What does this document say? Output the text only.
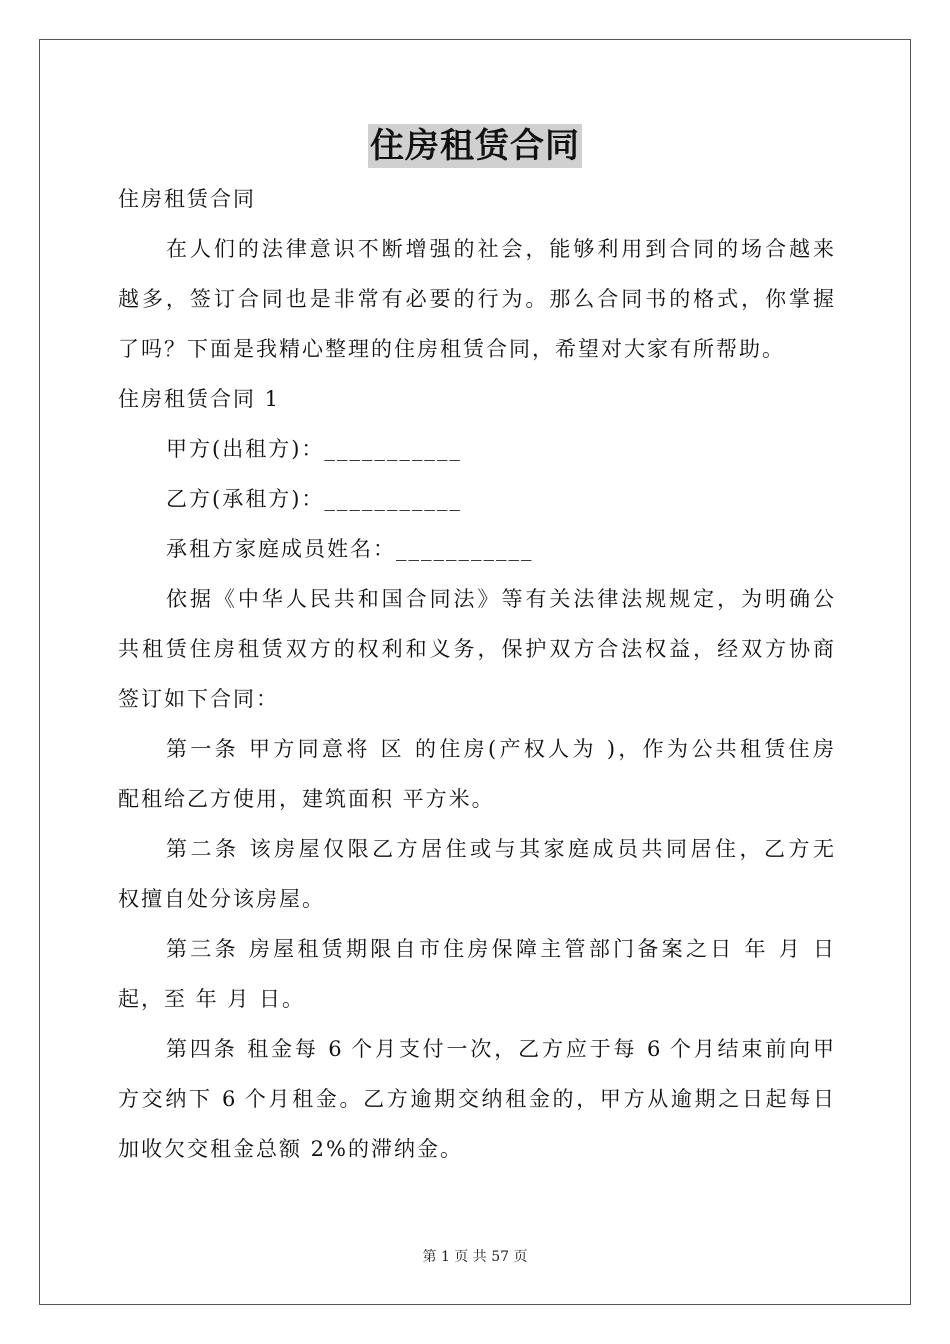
住房租赁合同
住房租赁合同
在人们的法律意识不断增强的社会，能够利用到合同的场合越来
越多，签订合同也是非常有必要的行为。那么合同书的格式，你掌握
了吗？下面是我精心整理的住房租赁合同，希望对大家有所帮助。
住房租赁合同 1
甲方(出租方)：___________
乙方(承租方)：___________
承租方家庭成员姓名：___________
依据《中华人民共和国合同法》等有关法律法规规定，为明确公
共租赁住房租赁双方的权利和义务，保护双方合法权益，经双方协商
签订如下合同：
第一条 甲方同意将 区 的住房(产权人为 )，作为公共租赁住房
配租给乙方使用，建筑面积 平方米。
第二条 该房屋仅限乙方居住或与其家庭成员共同居住，乙方无
权擅自处分该房屋。
第三条 房屋租赁期限自市住房保障主管部门备案之日 年 月 日
起，至 年 月 日。
第四条 租金每 6 个月支付一次，乙方应于每 6 个月结束前向甲
方交纳下 6 个月租金。乙方逾期交纳租金的，甲方从逾期之日起每日
加收欠交租金总额 2%的滞纳金。
第 1 页 共 57 页
